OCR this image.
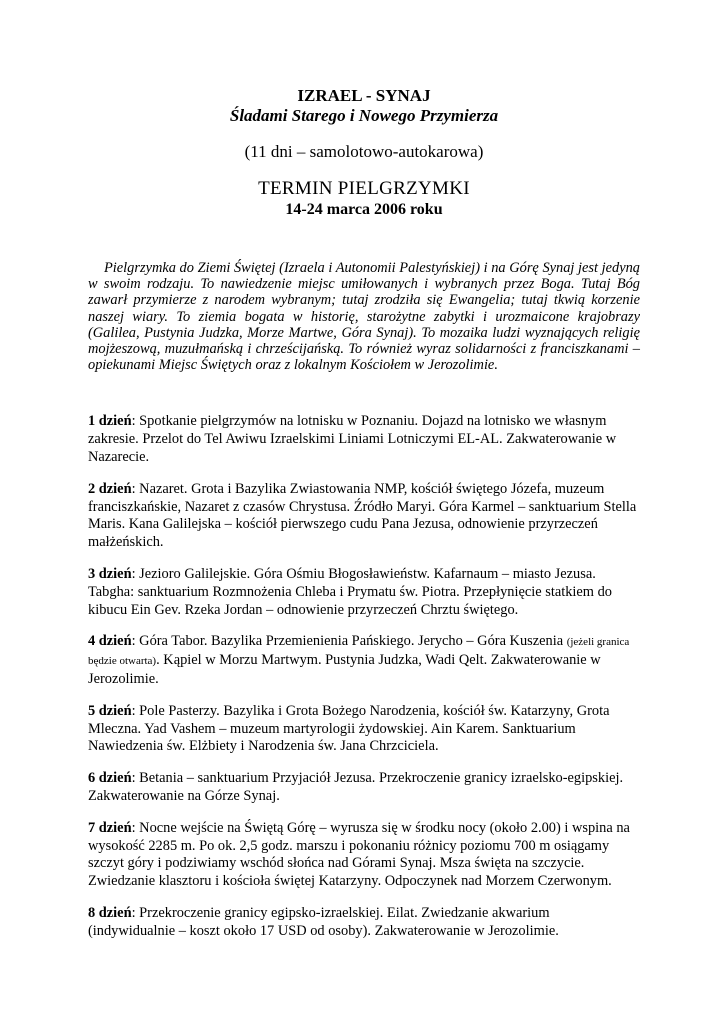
IZRAEL - SYNAJ
Śladami Starego i Nowego Przymierza
(11 dni – samolotowo-autokarowa)
TERMIN PIELGRZYMKI
14-24 marca 2006 roku

Pielgrzymka do Ziemi Świętej (Izraela i Autonomii Palestyńskiej) i na Górę Synaj jest jedyną w swoim rodzaju. To nawiedzenie miejsc umiłowanych i wybranych przez Boga. Tutaj Bóg zawarł przymierze z narodem wybranym; tutaj zrodziła się Ewangelia; tutaj tkwią korzenie naszej wiary. To ziemia bogata w historię, starożytne zabytki i urozmaicone krajobrazy (Galilea, Pustynia Judzka, Morze Martwe, Góra Synaj). To mozaika ludzi wyznających religię mojżeszową, muzułmańską i chrześcijańską. To również wyraz solidarności z franciszkanami – opiekunami Miejsc Świętych oraz z lokalnym Kościołem w Jerozolimie.

1 dzień: Spotkanie pielgrzymów na lotnisku w Poznaniu. Dojazd na lotnisko we własnym zakresie. Przelot do Tel Awiwu Izraelskimi Liniami Lotniczymi EL-AL. Zakwaterowanie w Nazarecie.
2 dzień: Nazaret. Grota i Bazylika Zwiastowania NMP, kościół świętego Józefa, muzeum franciszkańskie, Nazaret z czasów Chrystusa. Źródło Maryi. Góra Karmel – sanktuarium Stella Maris. Kana Galilejska – kościół pierwszego cudu Pana Jezusa, odnowienie przyrzeczeń małżeńskich.
3 dzień: Jezioro Galilejskie. Góra Ośmiu Błogosławieństw. Kafarnaum – miasto Jezusa. Tabgha: sanktuarium Rozmnożenia Chleba i Prymatu św. Piotra. Przepłynięcie statkiem do kibucu Ein Gev. Rzeka Jordan – odnowienie przyrzeczeń Chrztu świętego.
4 dzień: Góra Tabor. Bazylika Przemienienia Pańskiego. Jerycho – Góra Kuszenia (jeżeli granica będzie otwarta). Kąpiel w Morzu Martwym. Pustynia Judzka, Wadi Qelt. Zakwaterowanie w Jerozolimie.
5 dzień: Pole Pasterzy. Bazylika i Grota Bożego Narodzenia, kościół św. Katarzyny, Grota Mleczna. Yad Vashem – muzeum martyrologii żydowskiej. Ain Karem. Sanktuarium Nawiedzenia św. Elżbiety i Narodzenia św. Jana Chrzciciela.
6 dzień: Betania – sanktuarium Przyjaciół Jezusa. Przekroczenie granicy izraelsko-egipskiej. Zakwaterowanie na Górze Synaj.
7 dzień: Nocne wejście na Świętą Górę – wyrusza się w środku nocy (około 2.00) i wspina na wysokość 2285 m. Po ok. 2,5 godz. marszu i pokonaniu różnicy poziomu 700 m osiągamy szczyt góry i podziwiamy wschód słońca nad Górami Synaj. Msza święta na szczycie. Zwiedzanie klasztoru i kościoła świętej Katarzyny. Odpoczynek nad Morzem Czerwonym.
8 dzień: Przekroczenie granicy egipsko-izraelskiej. Eilat. Zwiedzanie akwarium (indywidualnie – koszt około 17 USD od osoby). Zakwaterowanie w Jerozolimie.
